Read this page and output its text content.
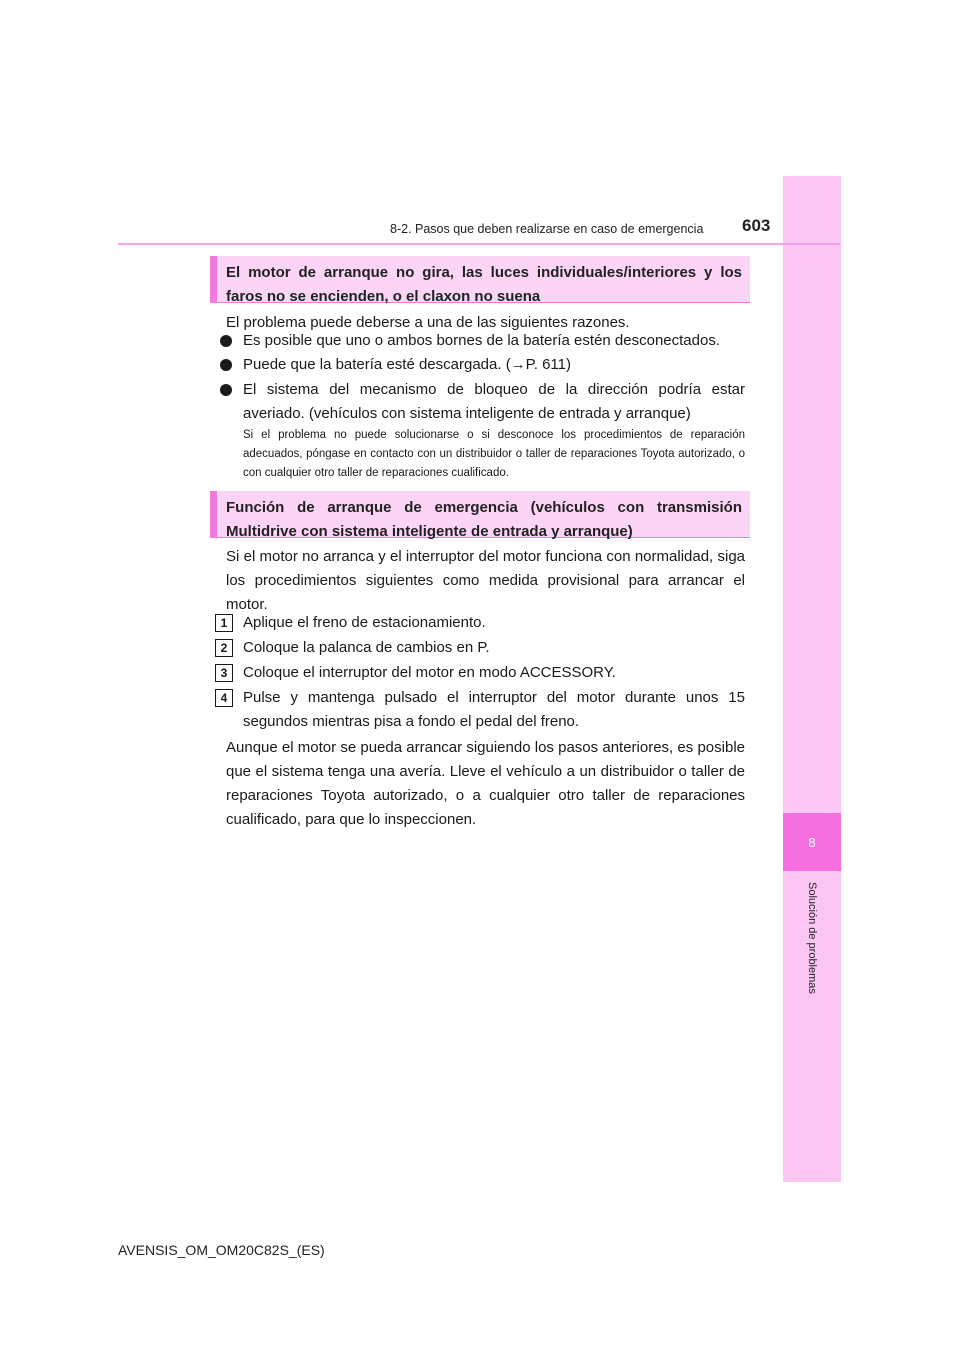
8
Solución de problemas
8-2. Pasos que deben realizarse en caso de emergencia 603
El motor de arranque no gira, las luces individuales/interiores y los faros no se encienden, o el claxon no suena
El problema puede deberse a una de las siguientes razones.
Es posible que uno o ambos bornes de la batería estén desconectados.
Puede que la batería esté descargada. (→P. 611)
El sistema del mecanismo de bloqueo de la dirección podría estar averiado. (vehículos con sistema inteligente de entrada y arranque)
Si el problema no puede solucionarse o si desconoce los procedimientos de reparación adecuados, póngase en contacto con un distribuidor o taller de reparaciones Toyota autorizado, o con cualquier otro taller de reparaciones cualificado.
Función de arranque de emergencia (vehículos con transmisión Multidrive con sistema inteligente de entrada y arranque)
Si el motor no arranca y el interruptor del motor funciona con normalidad, siga los procedimientos siguientes como medida provisional para arrancar el motor.
1	Aplique el freno de estacionamiento.
2	Coloque la palanca de cambios en P.
3	Coloque el interruptor del motor en modo ACCESSORY.
4	Pulse y mantenga pulsado el interruptor del motor durante unos 15 segundos mientras pisa a fondo el pedal del freno.
Aunque el motor se pueda arrancar siguiendo los pasos anteriores, es posible que el sistema tenga una avería. Lleve el vehículo a un distribuidor o taller de reparaciones Toyota autorizado, o a cualquier otro taller de reparaciones cualificado, para que lo inspeccionen.
AVENSIS_OM_OM20C82S_(ES)
